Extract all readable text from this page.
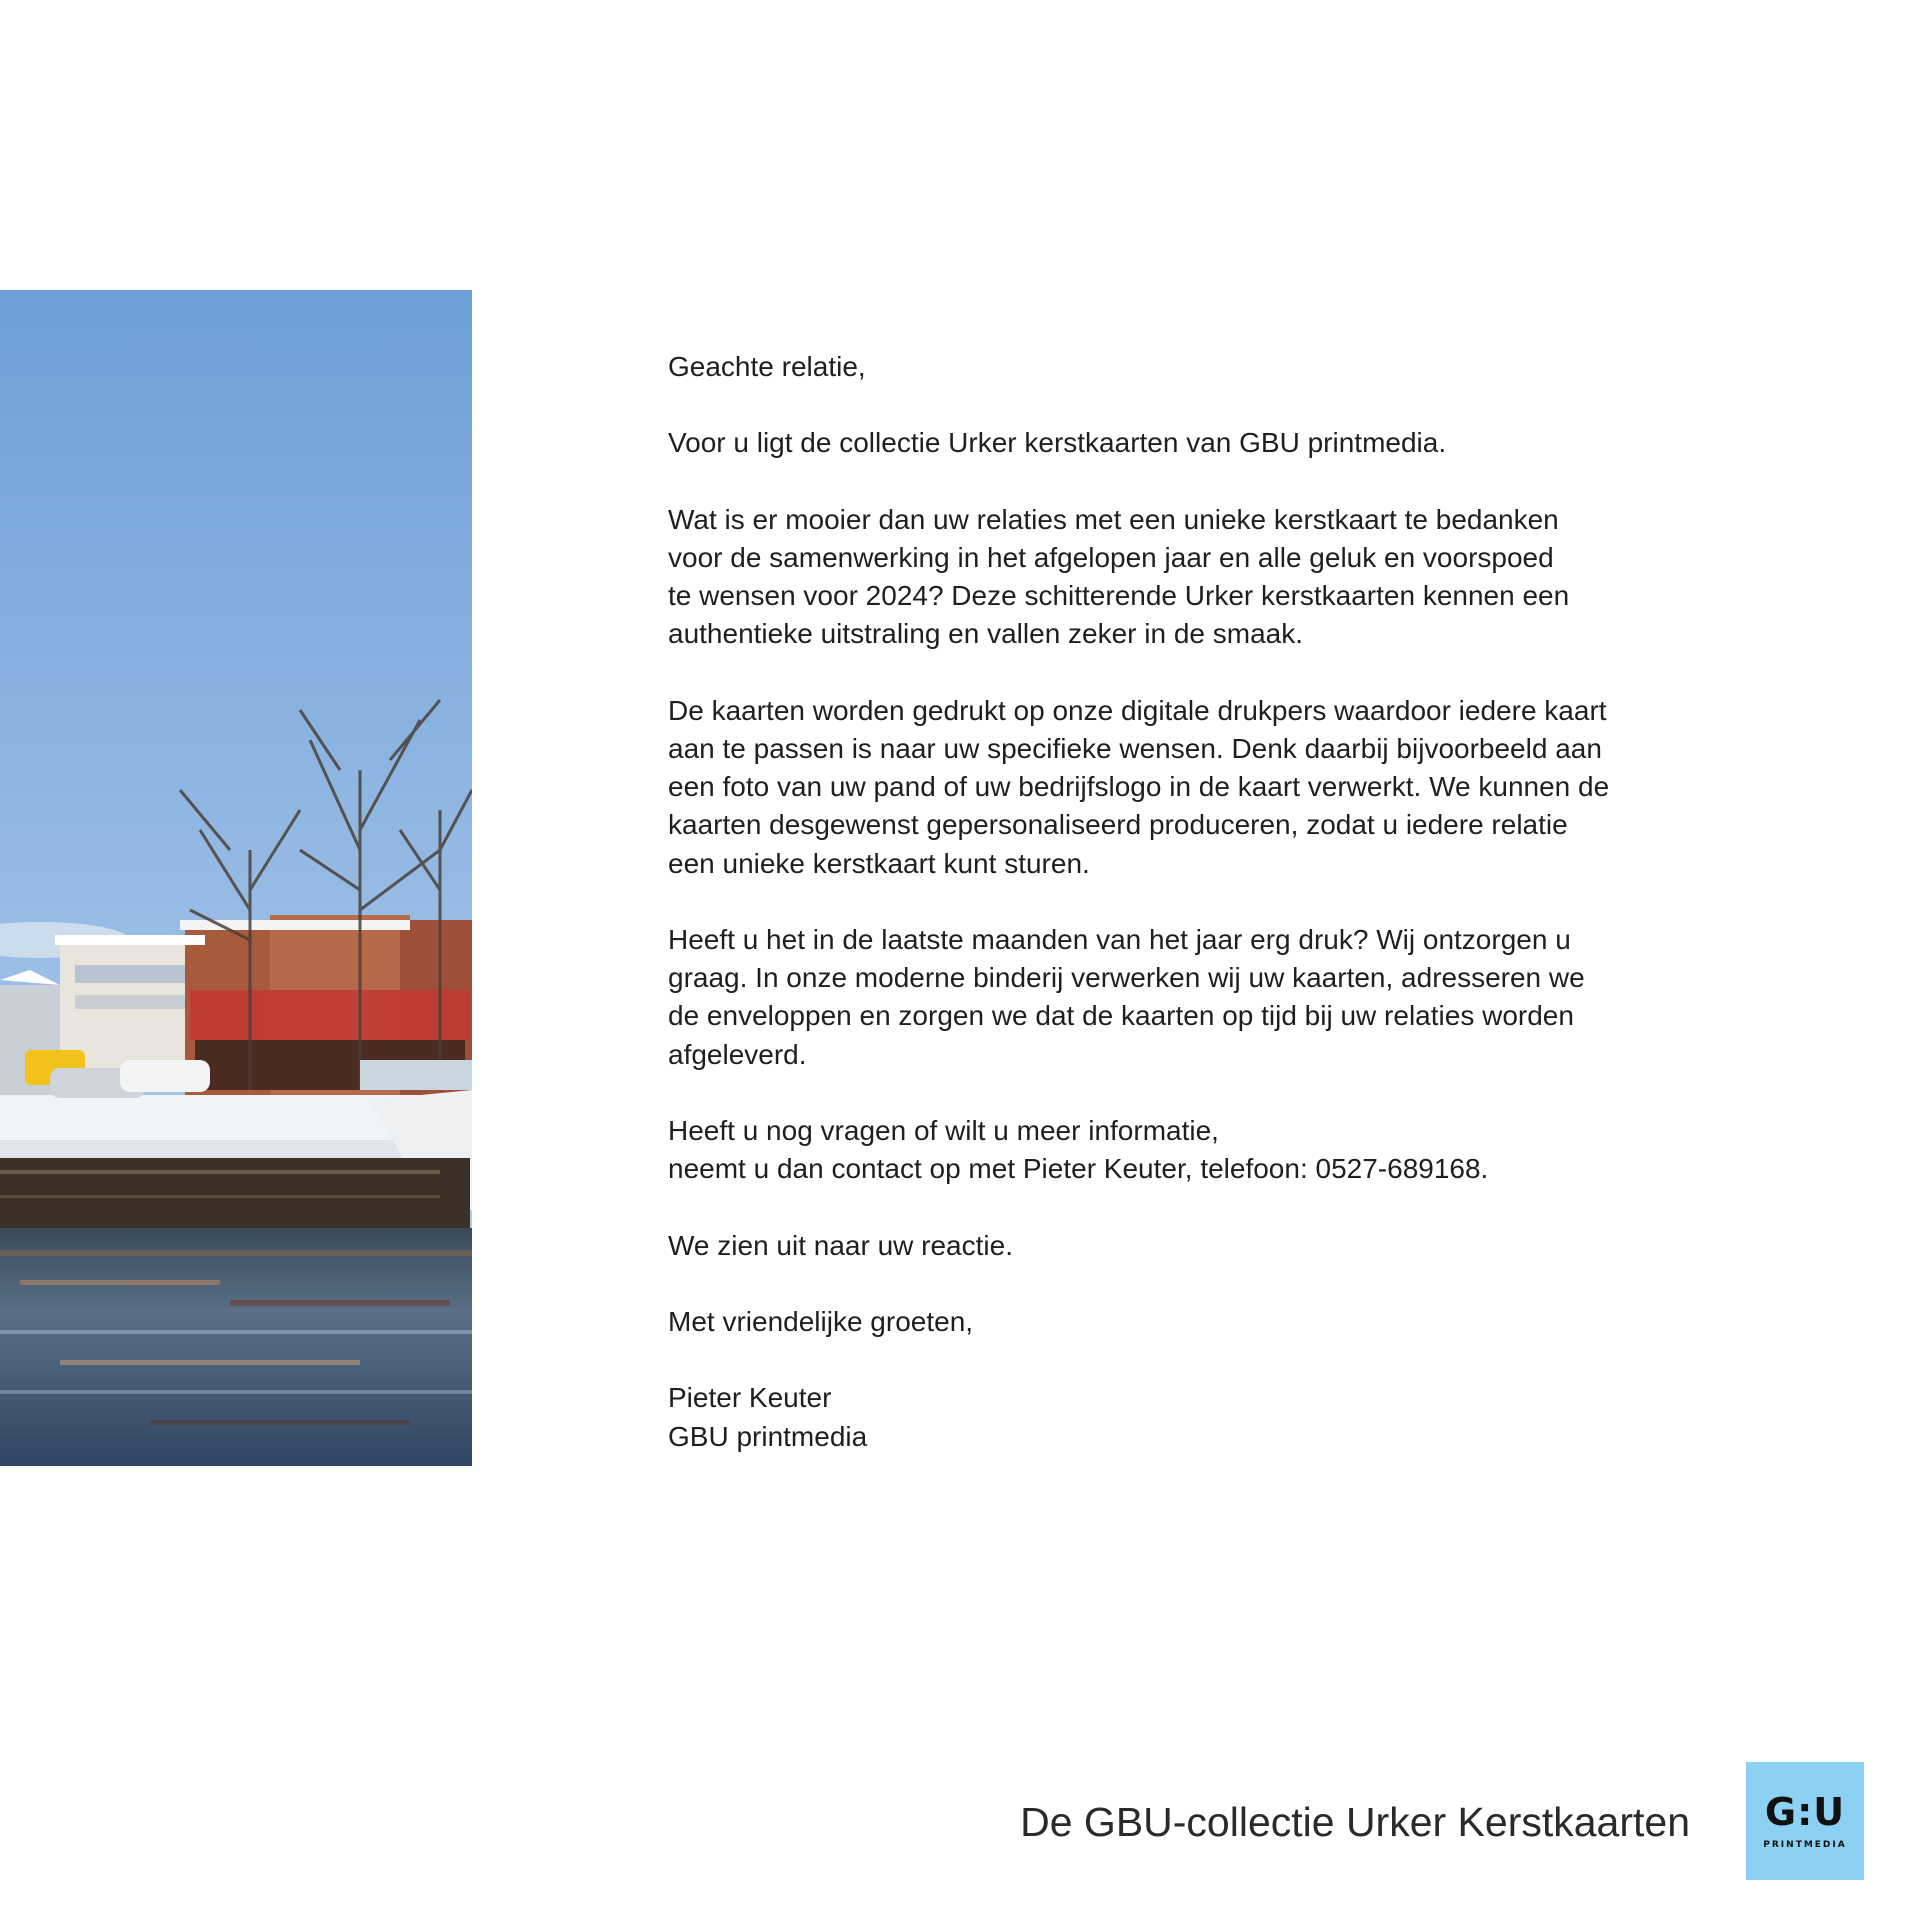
Geachte relatie,

Voor u ligt de collectie Urker kerstkaarten van GBU printmedia.

Wat is er mooier dan uw relaties met een unieke kerstkaart te bedanken
voor de samenwerking in het afgelopen jaar en alle geluk en voorspoed
te wensen voor 2024? Deze schitterende Urker kerstkaarten kennen een
authentieke uitstraling en vallen zeker in de smaak.

De kaarten worden gedrukt op onze digitale drukpers waardoor iedere kaart
aan te passen is naar uw specifieke wensen. Denk daarbij bijvoorbeeld aan
een foto van uw pand of uw bedrijfslogo in de kaart verwerkt. We kunnen de
kaarten desgewenst gepersonaliseerd produceren, zodat u iedere relatie
een unieke kerstkaart kunt sturen.

Heeft u het in de laatste maanden van het jaar erg druk? Wij ontzorgen u
graag. In onze moderne binderij verwerken wij uw kaarten, adresseren we
de enveloppen en zorgen we dat de kaarten op tijd bij uw relaties worden
afgeleverd.

Heeft u nog vragen of wilt u meer informatie,
neemt u dan contact op met Pieter Keuter, telefoon: 0527-689168.

We zien uit naar uw reactie.

Met vriendelijke groeten,

Pieter Keuter
GBU printmedia

De GBU-collectie Urker Kerstkaarten G:U
PRINTMEDIA
